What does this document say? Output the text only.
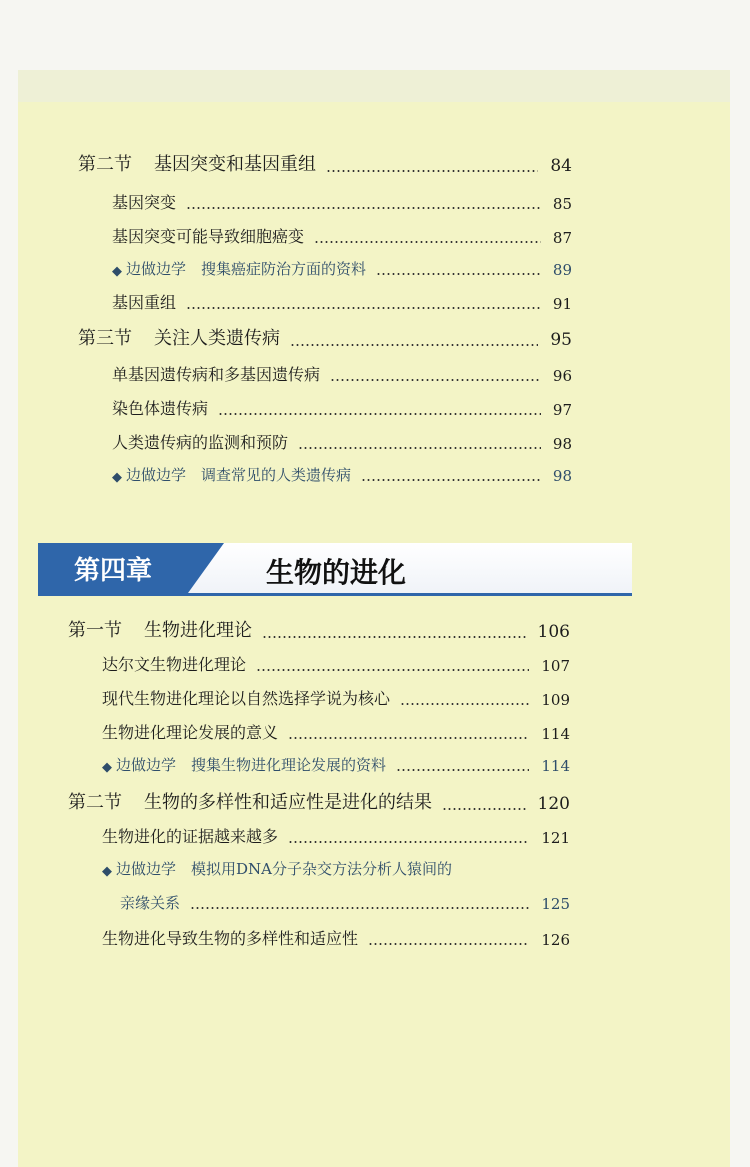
第二节 基因突变和基因重组	84
基因突变	85
基因突变可能导致细胞癌变	87
◆ 边做边学　搜集癌症防治方面的资料	89
基因重组	91
第三节 关注人类遗传病	95
单基因遗传病和多基因遗传病	96
染色体遗传病	97
人类遗传病的监测和预防	98
◆ 边做边学　调查常见的人类遗传病	98
第四章	生物的进化
第一节 生物进化理论	106
达尔文生物进化理论	107
现代生物进化理论以自然选择学说为核心	109
生物进化理论发展的意义	114
◆ 边做边学　搜集生物进化理论发展的资料	114
第二节 生物的多样性和适应性是进化的结果	120
生物进化的证据越来越多	121
◆ 边做边学　模拟用DNA分子杂交方法分析人猿间的
亲缘关系	125
生物进化导致生物的多样性和适应性	126
